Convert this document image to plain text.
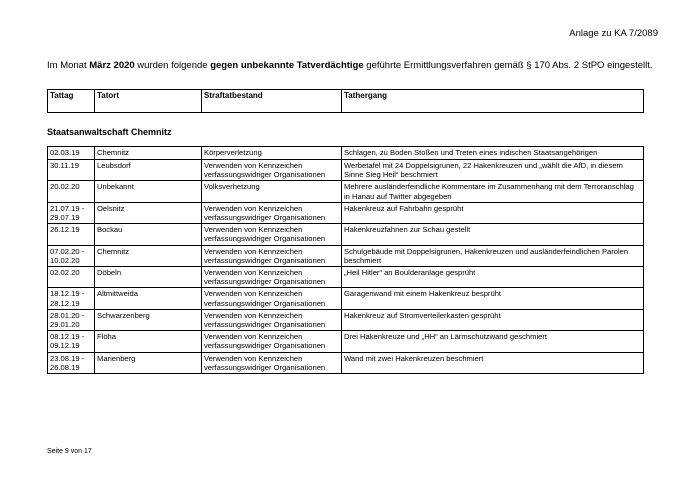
Anlage zu KA 7/2089
Im Monat März 2020 wurden folgende gegen unbekannte Tatverdächtige geführte Ermittlungsverfahren gemäß § 170 Abs. 2 StPO eingestellt.
Tattag	Tatort	Straftatbestand	Tathergang
Staatsanwaltschaft Chemnitz
02.03.19	Chemnitz	Körperverletzung	Schlagen, zu Boden Stoßen und Treten eines indischen Staatsangehörigen
30.11.19	Leubsdorf	Verwenden von Kennzeichen verfassungswidriger Organisationen	Werbetafel mit 24 Doppelsigrunen, 22 Hakenkreuzen und „wählt die AfD, in diesem Sinne Sieg Heil“ beschmiert
20.02.20	Unbekannt	Volksverhetzung	Mehrere ausländerfeindliche Kommentare im Zusammenhang mit dem Terroranschlag in Hanau auf Twitter abgegeben
21.07.19 - 29.07.19	Oelsnitz	Verwenden von Kennzeichen verfassungswidriger Organisationen	Hakenkreuz auf Fahrbahn gesprüht
26.12.19	Bockau	Verwenden von Kennzeichen verfassungswidriger Organisationen	Hakenkreuzfahnen zur Schau gestellt
07.02.20 - 10.02.20	Chemnitz	Verwenden von Kennzeichen verfassungswidriger Organisationen	Schulgebäude mit Doppelsigrunen, Hakenkreuzen und ausländerfeindlichen Parolen beschmiert
02.02.20	Döbeln	Verwenden von Kennzeichen verfassungswidriger Organisationen	„Heil Hitler“ an Boulderanlage gesprüht
18.12.19 - 28.12.19	Altmittweida	Verwenden von Kennzeichen verfassungswidriger Organisationen	Garagenwand mit einem Hakenkreuz besprüht
28.01.20 - 29.01.20	Schwarzenberg	Verwenden von Kennzeichen verfassungswidriger Organisationen	Hakenkreuz auf Stromverteilerkasten gesprüht
08.12.19 - 09.12.19	Flöha	Verwenden von Kennzeichen verfassungswidriger Organisationen	Drei Hakenkreuze und „HH“ an Lärmschutzwand geschmiert
23.08.19 - 26.08.19	Marienberg	Verwenden von Kennzeichen verfassungswidriger Organisationen	Wand mit zwei Hakenkreuzen beschmiert
Seite 9 von 17
